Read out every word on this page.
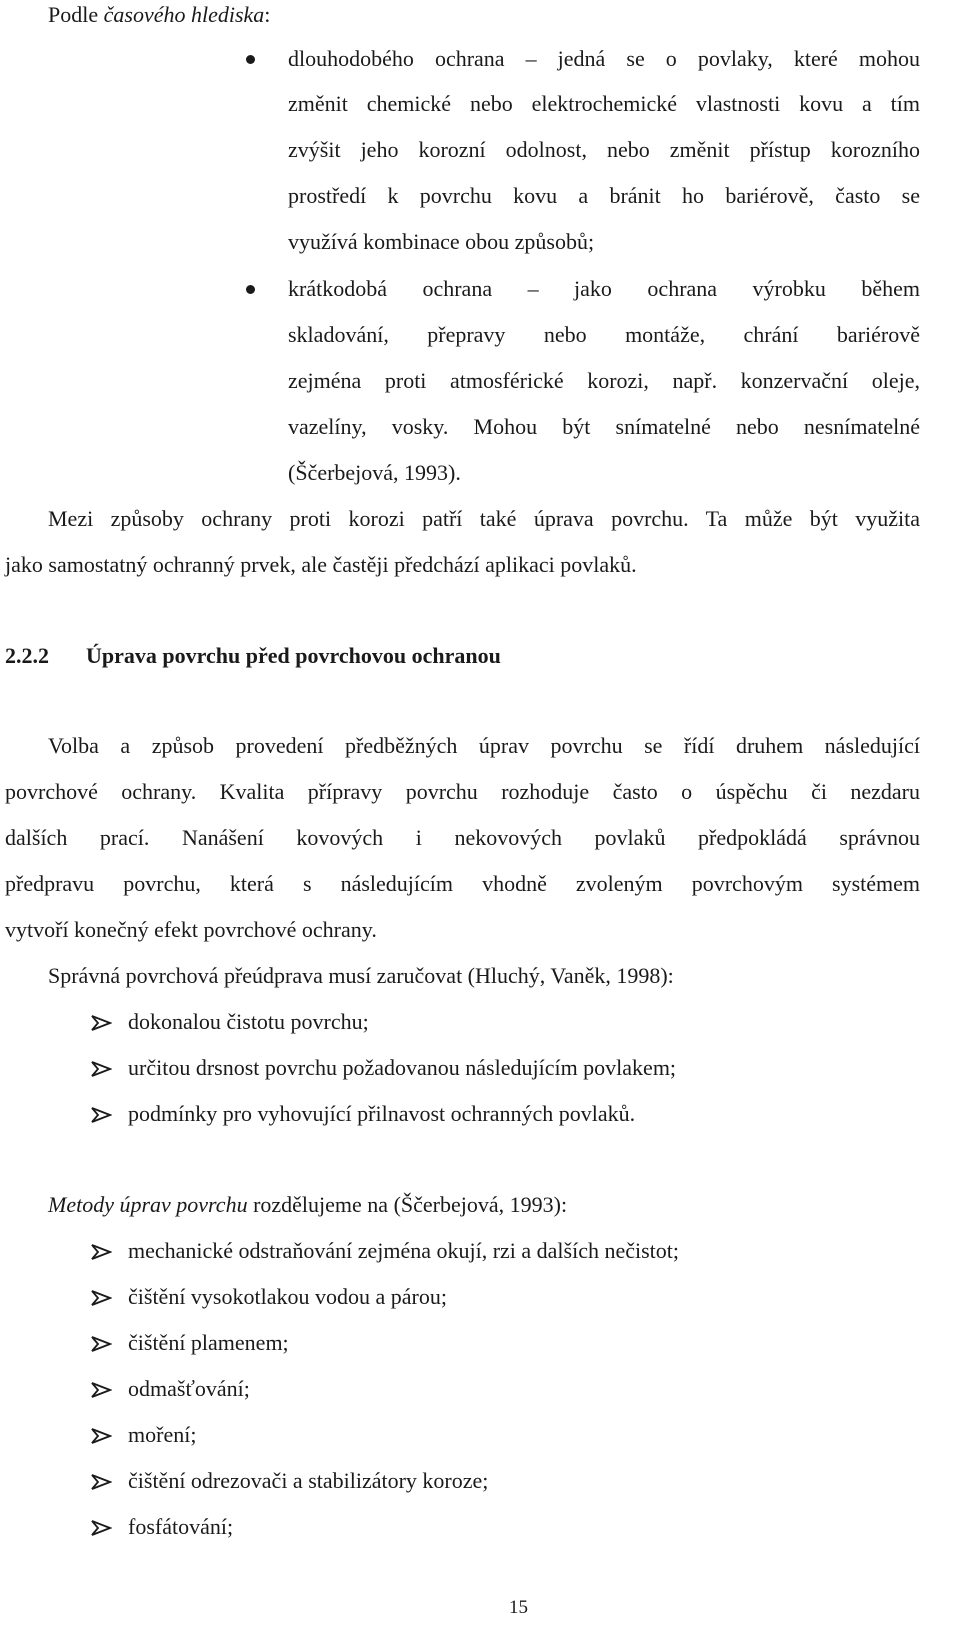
Podle časového hlediska:
dlouhodobého ochrana – jedná se o povlaky, které mohou
změnit chemické nebo elektrochemické vlastnosti kovu a tím
zvýšit jeho korozní odolnost, nebo změnit přístup korozního
prostředí k povrchu kovu a bránit ho bariérově, často se
využívá kombinace obou způsobů;
krátkodobá ochrana – jako ochrana výrobku během
skladování, přepravy nebo montáže, chrání bariérově
zejména proti atmosférické korozi, např. konzervační oleje,
vazelíny, vosky. Mohou být snímatelné nebo nesnímatelné
(Ščerbejová, 1993).
Mezi způsoby ochrany proti korozi patří také úprava povrchu. Ta může být využita
jako samostatný ochranný prvek, ale častěji předchází aplikaci povlaků.
2.2.2 Úprava povrchu před povrchovou ochranou
Volba a způsob provedení předběžných úprav povrchu se řídí druhem následující
povrchové ochrany. Kvalita přípravy povrchu rozhoduje často o úspěchu či nezdaru
dalších prací. Nanášení kovových i nekovových povlaků předpokládá správnou
předpravu povrchu, která s následujícím vhodně zvoleným povrchovým systémem
vytvoří konečný efekt povrchové ochrany.
Správná povrchová přeúdprava musí zaručovat (Hluchý, Vaněk, 1998):
dokonalou čistotu povrchu;
určitou drsnost povrchu požadovanou následujícím povlakem;
podmínky pro vyhovující přilnavost ochranných povlaků.
Metody úprav povrchu rozdělujeme na (Ščerbejová, 1993):
mechanické odstraňování zejména okují, rzi a dalších nečistot;
čištění vysokotlakou vodou a párou;
čištění plamenem;
odmašťování;
moření;
čištění odrezovači a stabilizátory koroze;
fosfátování;
15
